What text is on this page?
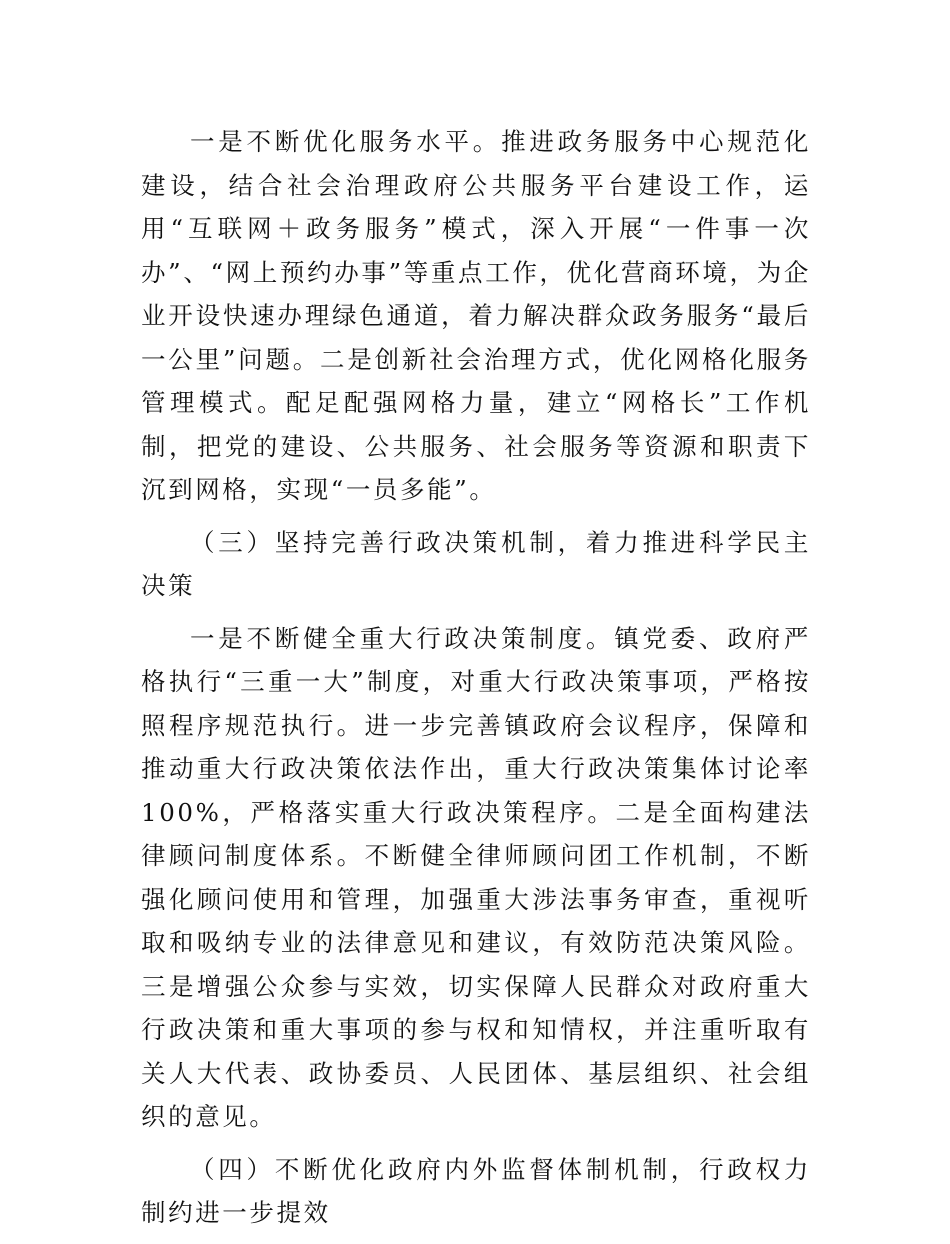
一是不断优化服务水平。推进政务服务中心规范化建设，结合社会治理政府公共服务平台建设工作，运用“互联网＋政务服务”模式，深入开展“一件事一次办”、“网上预约办事”等重点工作，优化营商环境，为企业开设快速办理绿色通道，着力解决群众政务服务“最后一公里”问题。二是创新社会治理方式，优化网格化服务管理模式。配足配强网格力量，建立“网格长”工作机制，把党的建设、公共服务、社会服务等资源和职责下沉到网格，实现“一员多能”。

（三）坚持完善行政决策机制，着力推进科学民主决策

一是不断健全重大行政决策制度。镇党委、政府严格执行“三重一大”制度，对重大行政决策事项，严格按照程序规范执行。进一步完善镇政府会议程序，保障和推动重大行政决策依法作出，重大行政决策集体讨论率100%，严格落实重大行政决策程序。二是全面构建法律顾问制度体系。不断健全律师顾问团工作机制，不断强化顾问使用和管理，加强重大涉法事务审查，重视听取和吸纳专业的法律意见和建议，有效防范决策风险。三是增强公众参与实效，切实保障人民群众对政府重大行政决策和重大事项的参与权和知情权，并注重听取有关人大代表、政协委员、人民团体、基层组织、社会组织的意见。

（四）不断优化政府内外监督体制机制，行政权力制约进一步提效
